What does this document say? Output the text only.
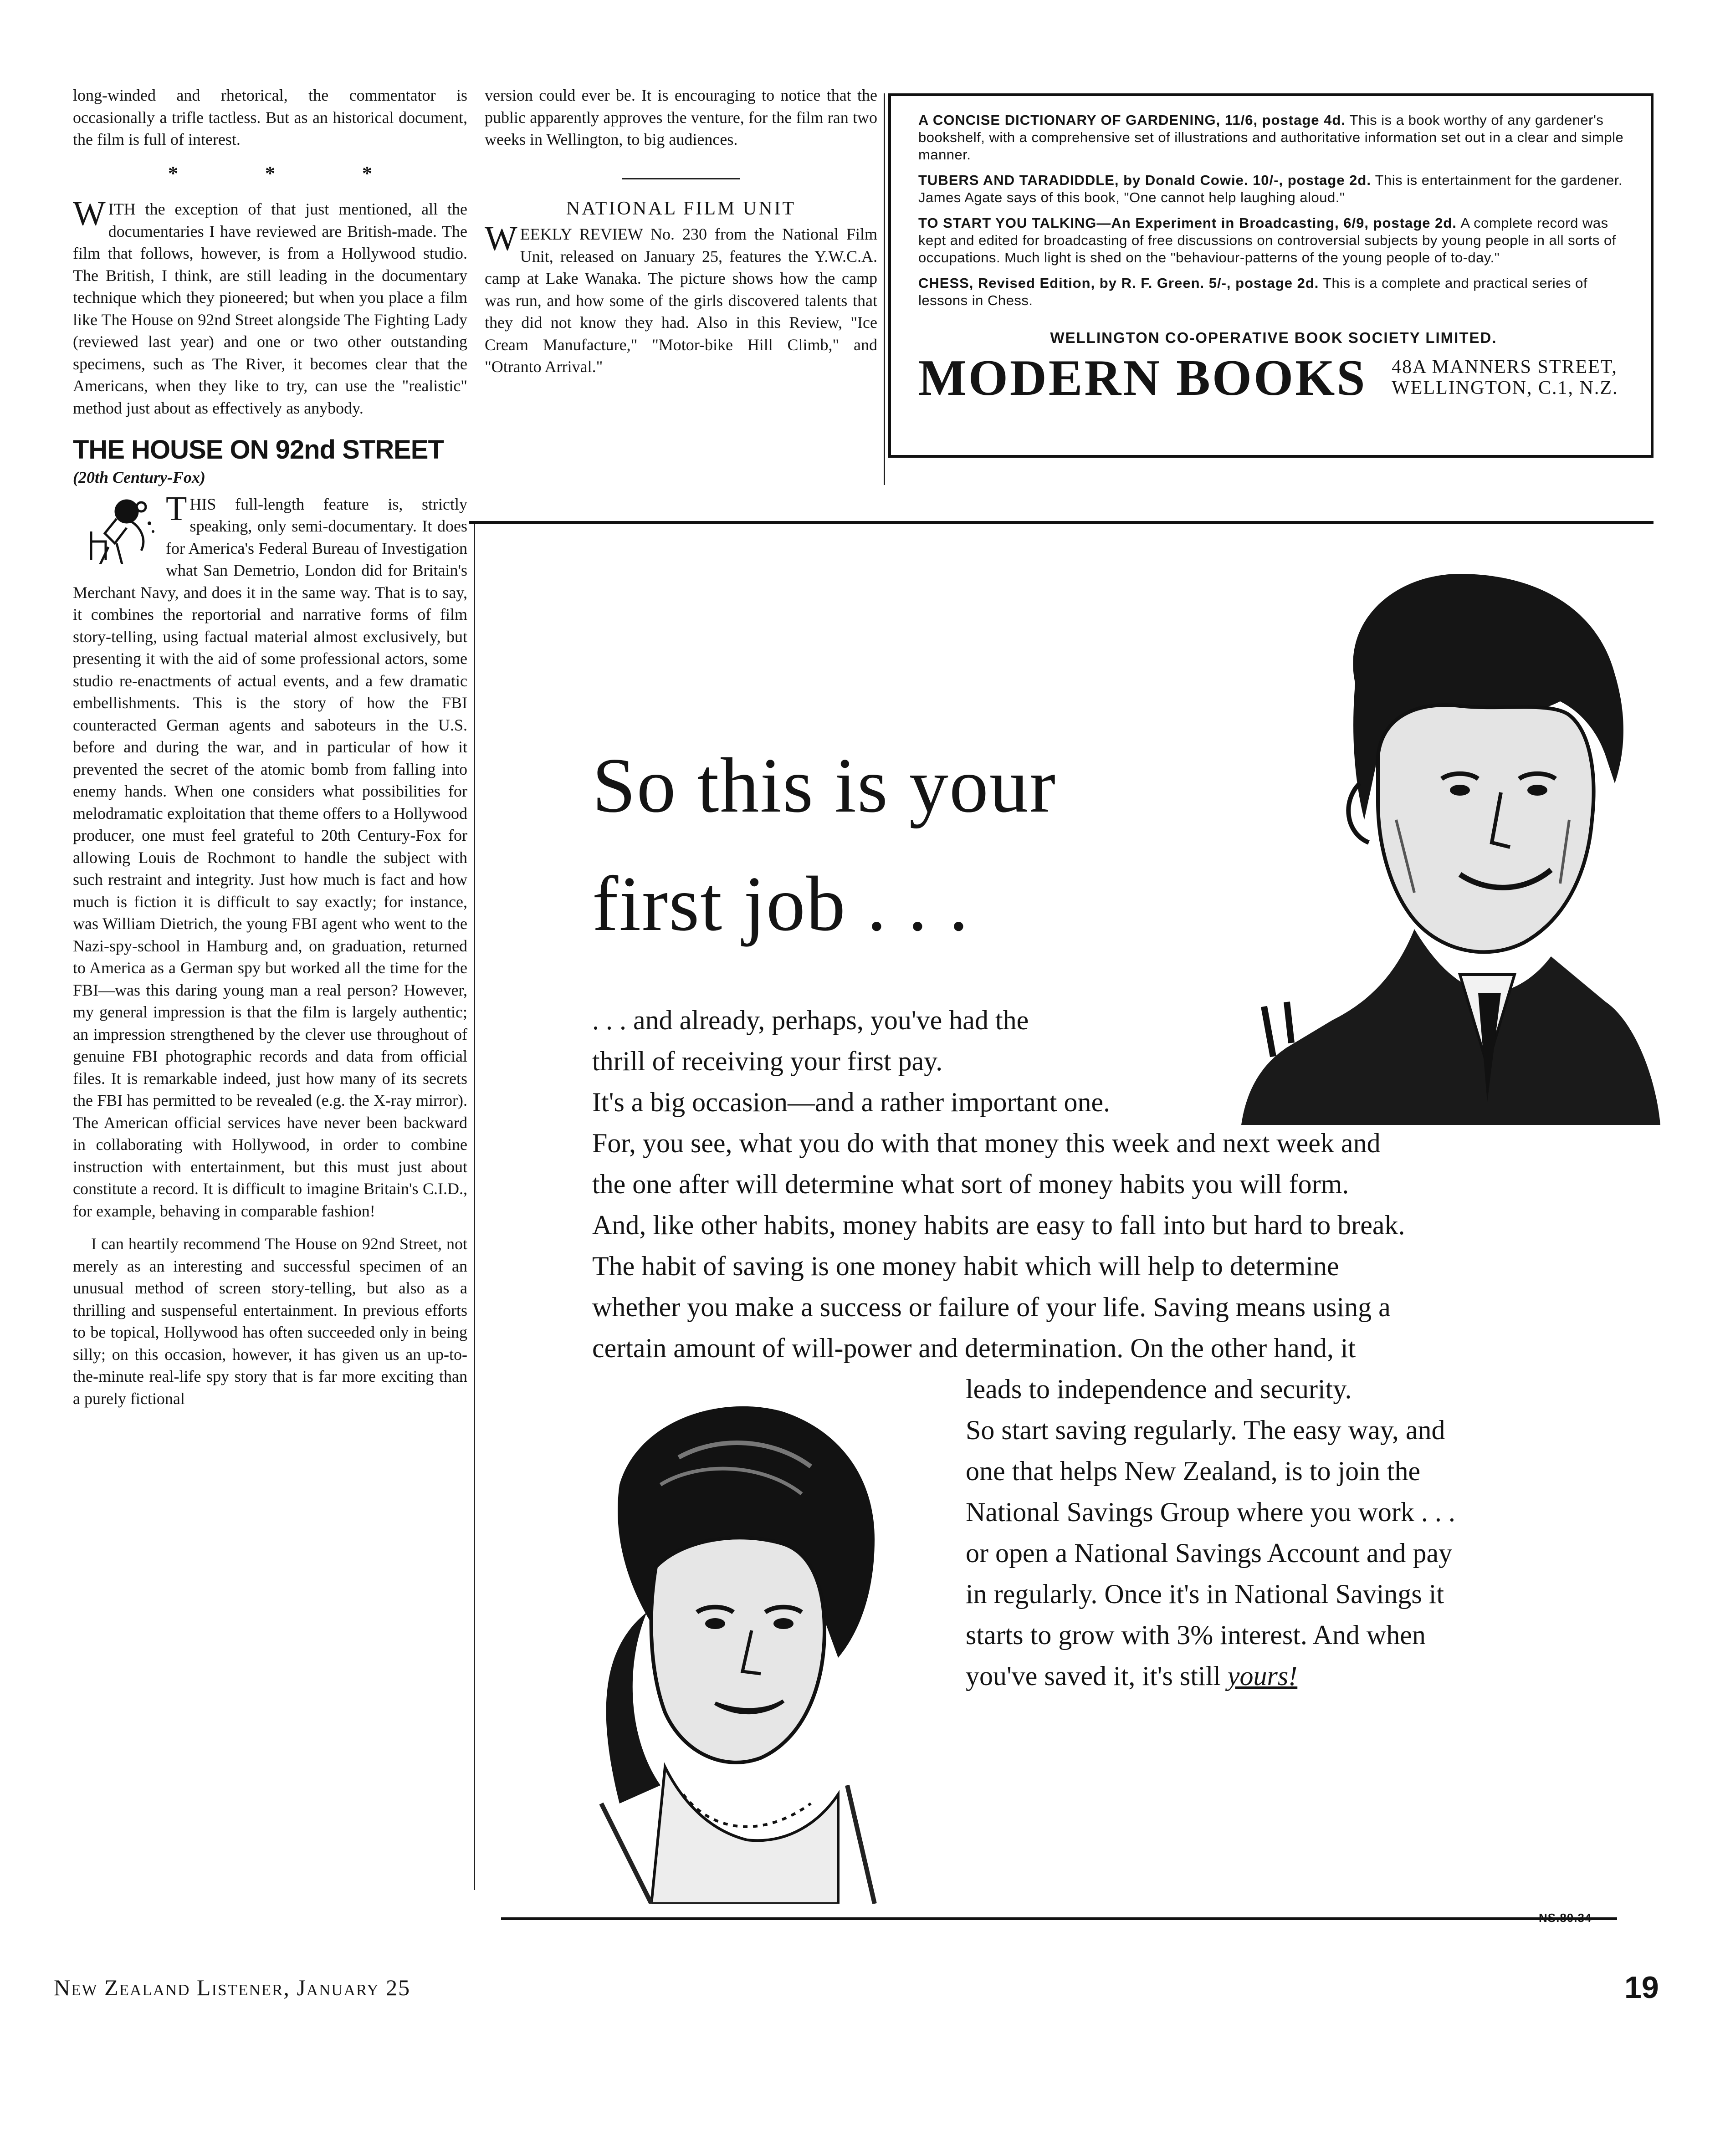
long-winded and rhetorical, the commentator is occasionally a trifle tactless. But as an historical document, the film is full of interest.

* * *

WITH the exception of that just mentioned, all the documentaries I have reviewed are British-made. The film that follows, however, is from a Hollywood studio. The British, I think, are still leading in the documentary technique which they pioneered; but when you place a film like The House on 92nd Street alongside The Fighting Lady (reviewed last year) and one or two other outstanding specimens, such as The River, it becomes clear that the Americans, when they like to try, can use the "realistic" method just about as effectively as anybody.

THE HOUSE ON 92nd STREET
(20th Century-Fox)

THIS full-length feature is, strictly speaking, only semi-documentary. It does for America's Federal Bureau of Investigation what San Demetrio, London did for Britain's Merchant Navy, and does it in the same way. That is to say, it combines the reportorial and narrative forms of film story-telling, using factual material almost exclusively, but presenting it with the aid of some professional actors, some studio re-enactments of actual events, and a few dramatic embellishments. This is the story of how the FBI counteracted German agents and saboteurs in the U.S. before and during the war, and in particular of how it prevented the secret of the atomic bomb from falling into enemy hands. When one considers what possibilities for melodramatic exploitation that theme offers to a Hollywood producer, one must feel grateful to 20th Century-Fox for allowing Louis de Rochmont to handle the subject with such restraint and integrity. Just how much is fact and how much is fiction it is difficult to say exactly; for instance, was William Dietrich, the young FBI agent who went to the Nazi-spy-school in Hamburg and, on graduation, returned to America as a German spy but worked all the time for the FBI—was this daring young man a real person? However, my general impression is that the film is largely authentic; an impression strengthened by the clever use throughout of genuine FBI photographic records and data from official files. It is remarkable indeed, just how many of its secrets the FBI has permitted to be revealed (e.g. the X-ray mirror). The American official services have never been backward in collaborating with Hollywood, in order to combine instruction with entertainment, but this must just about constitute a record. It is difficult to imagine Britain's C.I.D., for example, behaving in comparable fashion!

I can heartily recommend The House on 92nd Street, not merely as an interesting and successful specimen of an unusual method of screen story-telling, but also as a thrilling and suspenseful entertainment. In previous efforts to be topical, Hollywood has often succeeded only in being silly; on this occasion, however, it has given us an up-to-the-minute real-life spy story that is far more exciting than a purely fictional

version could ever be. It is encouraging to notice that the public apparently approves the venture, for the film ran two weeks in Wellington, to big audiences.

NATIONAL FILM UNIT

WEEKLY REVIEW No. 230 from the National Film Unit, released on January 25, features the Y.W.C.A. camp at Lake Wanaka. The picture shows how the camp was run, and how some of the girls discovered talents that they did not know they had. Also in this Review, "Ice Cream Manufacture," "Motor-bike Hill Climb," and "Otranto Arrival."

A CONCISE DICTIONARY OF GARDENING, 11/6, postage 4d. This is a book worthy of any gardener's bookshelf, with a comprehensive set of illustrations and authoritative information set out in a clear and simple manner.
TUBERS AND TARADIDDLE, by Donald Cowie. 10/-, postage 2d. This is entertainment for the gardener. James Agate says of this book, "One cannot help laughing aloud."
TO START YOU TALKING—An Experiment in Broadcasting, 6/9, postage 2d. A complete record was kept and edited for broadcasting of free discussions on controversial subjects by young people in all sorts of occupations. Much light is shed on the "behaviour-patterns of the young people of to-day."
CHESS, Revised Edition, by R. F. Green. 5/-, postage 2d. This is a complete and practical series of lessons in Chess.
WELLINGTON CO-OPERATIVE BOOK SOCIETY LIMITED.
MODERN BOOKS 48A MANNERS STREET,
WELLINGTON, C.1, N.Z.
So this is your
first job . . .
. . . and already, perhaps, you've had the
thrill of receiving your first pay.
It's a big occasion—and a rather important one.
For, you see, what you do with that money this week and next week and
the one after will determine what sort of money habits you will form.
And, like other habits, money habits are easy to fall into but hard to break.
The habit of saving is one money habit which will help to determine
whether you make a success or failure of your life. Saving means using a
certain amount of will-power and determination. On the other hand, it
leads to independence and security.
So start saving regularly. The easy way, and
one that helps New Zealand, is to join the
National Savings Group where you work . . .
or open a National Savings Account and pay
in regularly. Once it's in National Savings it
starts to grow with 3% interest. And when
you've saved it, it's still yours!
NS.80.34
New Zealand Listener, January 25	19
